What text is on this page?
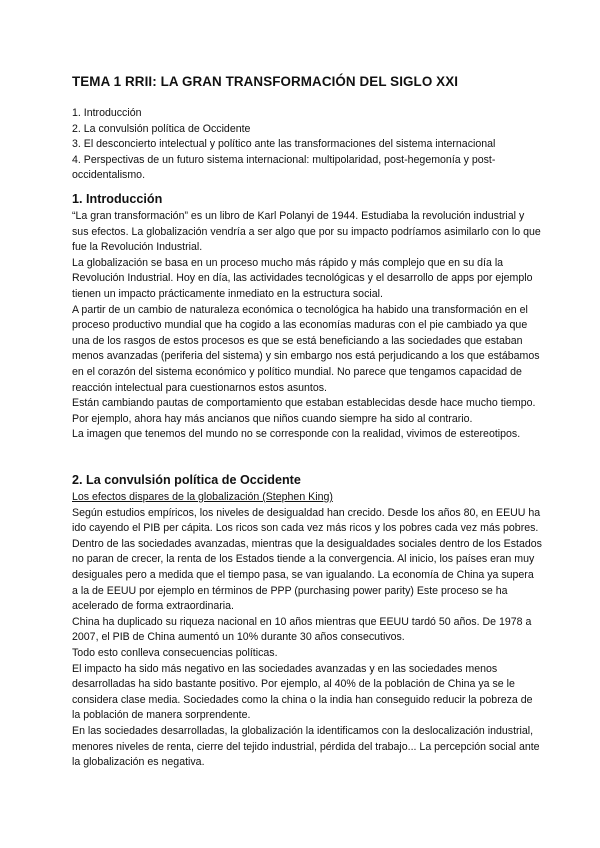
TEMA 1 RRII: LA GRAN TRANSFORMACIÓN DEL SIGLO XXI
1. Introducción
2. La convulsión política de Occidente
3. El desconcierto intelectual y político ante las transformaciones del sistema internacional
4. Perspectivas de un futuro sistema internacional: multipolaridad, post-hegemonía y post-occidentalismo.
1. Introducción

“La gran transformación” es un libro de Karl Polanyi de 1944. Estudiaba la revolución industrial y sus efectos. La globalización vendría a ser algo que por su impacto podríamos asimilarlo con lo que fue la Revolución Industrial.

La globalización se basa en un proceso mucho más rápido y más complejo que en su día la Revolución Industrial. Hoy en día, las actividades tecnológicas y el desarrollo de apps por ejemplo tienen un impacto prácticamente inmediato en la estructura social.

A partir de un cambio de naturaleza económica o tecnológica ha habido una transformación en el proceso productivo mundial que ha cogido a las economías maduras con el pie cambiado ya que una de los rasgos de estos procesos es que se está beneficiando a las sociedades que estaban menos avanzadas (periferia del sistema) y sin embargo nos está perjudicando a los que estábamos en el corazón del sistema económico y político mundial. No parece que tengamos capacidad de reacción intelectual para cuestionarnos estos asuntos.

Están cambiando pautas de comportamiento que estaban establecidas desde hace mucho tiempo. Por ejemplo, ahora hay más ancianos que niños cuando siempre ha sido al contrario.

La imagen que tenemos del mundo no se corresponde con la realidad, vivimos de estereotipos.

2. La convulsión política de Occidente

Los efectos dispares de la globalización (Stephen King)

Según estudios empíricos, los niveles de desigualdad han crecido. Desde los años 80, en EEUU ha ido cayendo el PIB per cápita. Los ricos son cada vez más ricos y los pobres cada vez más pobres.

Dentro de las sociedades avanzadas, mientras que la desigualdades sociales dentro de los Estados no paran de crecer, la renta de los Estados tiende a la convergencia. Al inicio, los países eran muy desiguales pero a medida que el tiempo pasa, se van igualando. La economía de China ya supera a la de EEUU por ejemplo en términos de PPP (purchasing power parity) Este proceso se ha acelerado de forma extraordinaria.

China ha duplicado su riqueza nacional en 10 años mientras que EEUU tardó 50 años. De 1978 a 2007, el PIB de China aumentó un 10% durante 30 años consecutivos.

Todo esto conlleva consecuencias políticas.

El impacto ha sido más negativo en las sociedades avanzadas y en las sociedades menos desarrolladas ha sido bastante positivo. Por ejemplo, al 40% de la población de China ya se le considera clase media. Sociedades como la china o la india han conseguido reducir la pobreza de la población de manera sorprendente.

En las sociedades desarrolladas, la globalización la identificamos con la deslocalización industrial, menores niveles de renta, cierre del tejido industrial, pérdida del trabajo... La percepción social ante la globalización es negativa.
